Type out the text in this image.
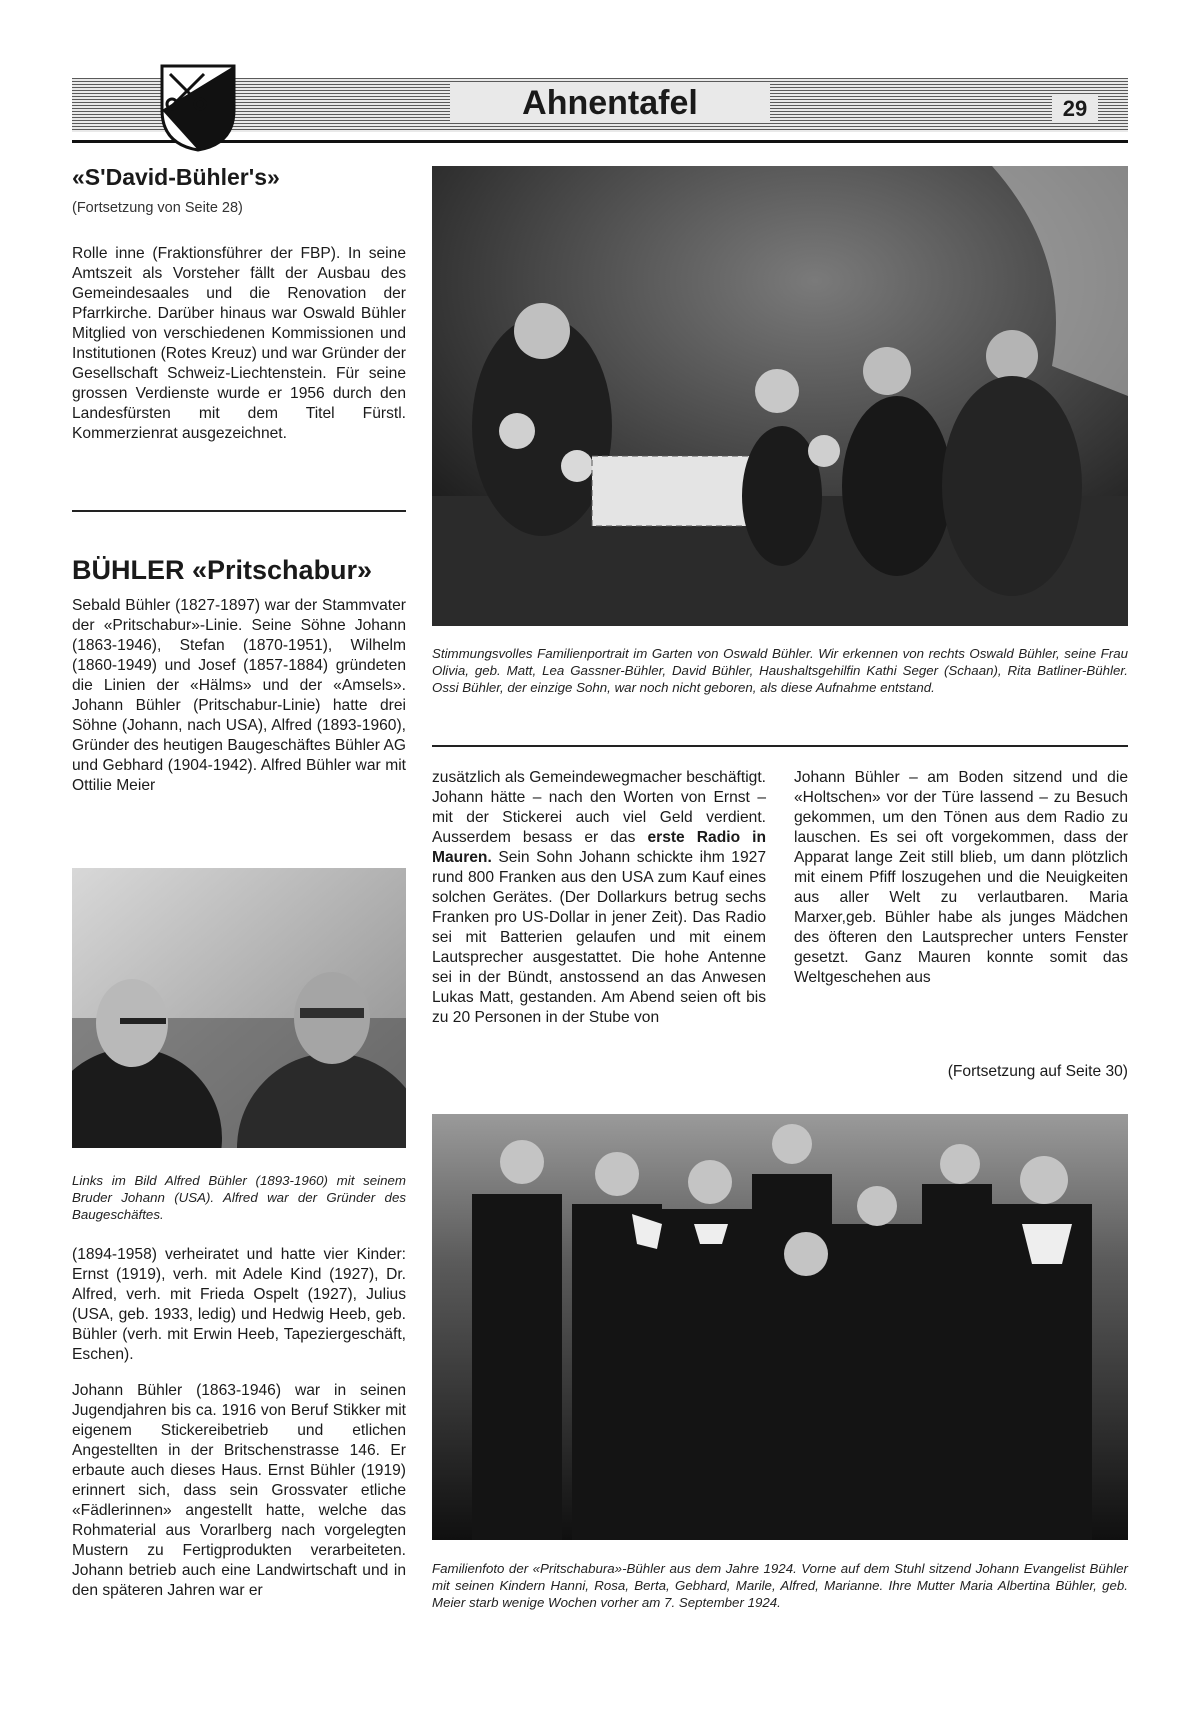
Ahnentafel	29
«S'David-Bühler's»
(Fortsetzung von Seite 28)
Rolle inne (Fraktionsführer der FBP). In seine Amtszeit als Vorsteher fällt der Ausbau des Gemeindesaales und die Renovation der Pfarrkirche. Darüber hinaus war Oswald Bühler Mitglied von verschiedenen Kommissionen und Institutionen (Rotes Kreuz) und war Gründer der Gesellschaft Schweiz-Liechtenstein. Für seine grossen Verdienste wurde er 1956 durch den Landesfürsten mit dem Titel Fürstl. Kommerzienrat ausgezeichnet.
BÜHLER «Pritschabur»
Sebald Bühler (1827-1897) war der Stammvater der «Pritschabur»-Linie. Seine Söhne Johann (1863-1946), Stefan (1870-1951), Wilhelm (1860-1949) und Josef (1857-1884) gründeten die Linien der «Hälms» und der «Amsels». Johann Bühler (Pritschabur-Linie) hatte drei Söhne (Johann, nach USA), Alfred (1893-1960), Gründer des heutigen Baugeschäftes Bühler AG und Gebhard (1904-1942). Alfred Bühler war mit Ottilie Meier
Links im Bild Alfred Bühler (1893-1960) mit seinem Bruder Johann (USA). Alfred war der Gründer des Baugeschäftes.
(1894-1958) verheiratet und hatte vier Kinder: Ernst (1919), verh. mit Adele Kind (1927), Dr. Alfred, verh. mit Frieda Ospelt (1927), Julius (USA, geb. 1933, ledig) und Hedwig Heeb, geb. Bühler (verh. mit Erwin Heeb, Tapeziergeschäft, Eschen).
Johann Bühler (1863-1946) war in seinen Jugendjahren bis ca. 1916 von Beruf Stikker mit eigenem Stickereibetrieb und etlichen Angestellten in der Britschenstrasse 146. Er erbaute auch dieses Haus. Ernst Bühler (1919) erinnert sich, dass sein Grossvater etliche «Fädlerinnen» angestellt hatte, welche das Rohmaterial aus Vorarlberg nach vorgelegten Mustern zu Fertigprodukten verarbeiteten. Johann betrieb auch eine Landwirtschaft und in den späteren Jahren war er
Stimmungsvolles Familienportrait im Garten von Oswald Bühler. Wir erkennen von rechts Oswald Bühler, seine Frau Olivia, geb. Matt, Lea Gassner-Bühler, David Bühler, Haushaltsgehilfin Kathi Seger (Schaan), Rita Batliner-Bühler. Ossi Bühler, der einzige Sohn, war noch nicht geboren, als diese Aufnahme entstand.
zusätzlich als Gemeindewegmacher beschäftigt. Johann hätte – nach den Worten von Ernst – mit der Stickerei auch viel Geld verdient. Ausserdem besass er das erste Radio in Mauren. Sein Sohn Johann schickte ihm 1927 rund 800 Franken aus den USA zum Kauf eines solchen Gerätes. (Der Dollarkurs betrug sechs Franken pro US-Dollar in jener Zeit). Das Radio sei mit Batterien gelaufen und mit einem Lautsprecher ausgestattet. Die hohe Antenne sei in der Bündt, anstossend an das Anwesen Lukas Matt, gestanden. Am Abend seien oft bis zu 20 Personen in der Stube von
Johann Bühler – am Boden sitzend und die «Holtschen» vor der Türe lassend – zu Besuch gekommen, um den Tönen aus dem Radio zu lauschen. Es sei oft vorgekommen, dass der Apparat lange Zeit still blieb, um dann plötzlich mit einem Pfiff loszugehen und die Neuigkeiten aus aller Welt zu verlautbaren. Maria Marxer,geb. Bühler habe als junges Mädchen des öfteren den Lautsprecher unters Fenster gesetzt. Ganz Mauren konnte somit das Weltgeschehen aus
(Fortsetzung auf Seite 30)
Familienfoto der «Pritschabura»-Bühler aus dem Jahre 1924. Vorne auf dem Stuhl sitzend Johann Evangelist Bühler mit seinen Kindern Hanni, Rosa, Berta, Gebhard, Marile, Alfred, Marianne. Ihre Mutter Maria Albertina Bühler, geb. Meier starb wenige Wochen vorher am 7. September 1924.
